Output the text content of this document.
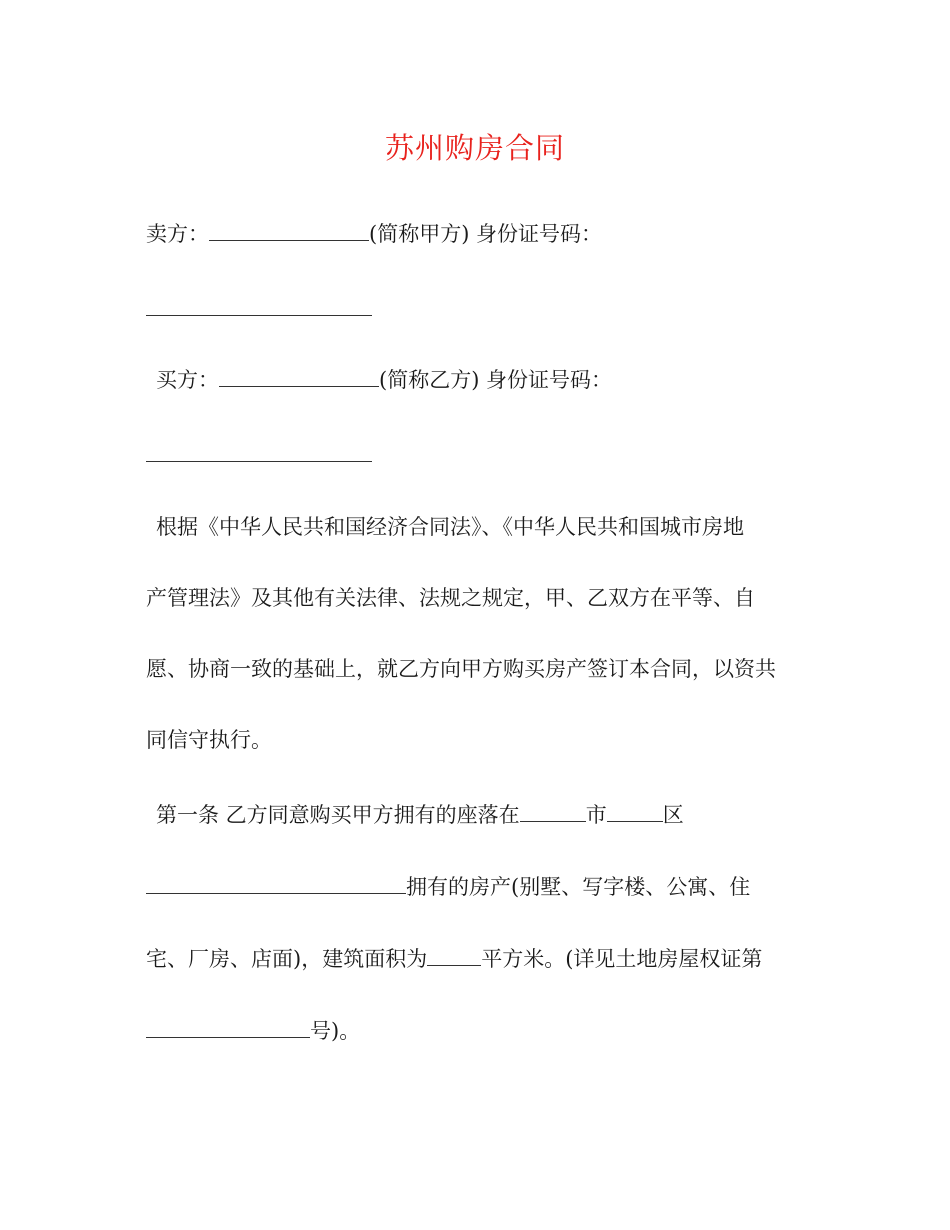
苏州购房合同
卖方：	(简称甲方) 身份证号码：
买方：	(简称乙方) 身份证号码：
根据《中华人民共和国经济合同法》、《中华人民共和国城市房地
产管理法》及其他有关法律、法规之规定，甲、乙双方在平等、自
愿、协商一致的基础上，就乙方向甲方购买房产签订本合同，以资共
同信守执行。
第一条 乙方同意购买甲方拥有的座落在	市	区
拥有的房产(别墅、写字楼、公寓、住
宅、厂房、店面)，建筑面积为	平方米。(详见土地房屋权证第
号)。
